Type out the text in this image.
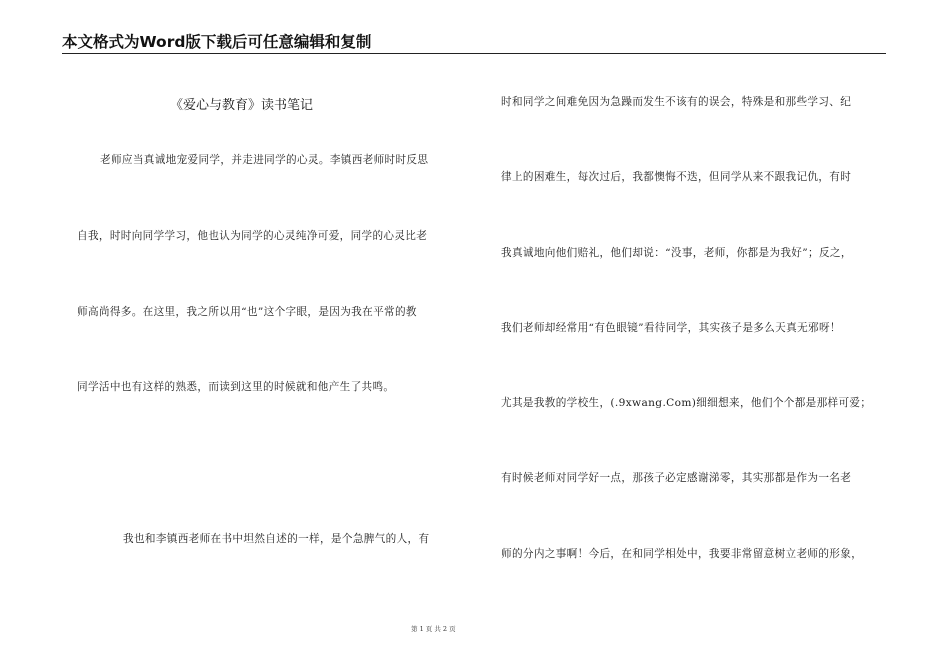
本文格式为Word版下载后可任意编辑和复制
《爱心与教育》读书笔记
老师应当真诚地宠爱同学，并走进同学的心灵。李镇西老师时时反思
自我，时时向同学学习，他也认为同学的心灵纯净可爱，同学的心灵比老
师高尚得多。在这里，我之所以用“也”这个字眼，是因为我在平常的教
同学活中也有这样的熟悉，而读到这里的时候就和他产生了共鸣。
我也和李镇西老师在书中坦然自述的一样，是个急脾气的人，有
时和同学之间难免因为急躁而发生不该有的误会，特殊是和那些学习、纪
律上的困难生，每次过后，我都懊悔不迭，但同学从来不跟我记仇，有时
我真诚地向他们赔礼，他们却说：“没事，老师，你都是为我好”；反之，
我们老师却经常用“有色眼镜”看待同学，其实孩子是多么天真无邪呀！
尤其是我教的学校生，(.9xwang.Com)细细想来，他们个个都是那样可爱；
有时候老师对同学好一点，那孩子必定感谢涕零，其实那都是作为一名老
师的分内之事啊！今后，在和同学相处中，我要非常留意树立老师的形象，
第 1 页 共 2 页
